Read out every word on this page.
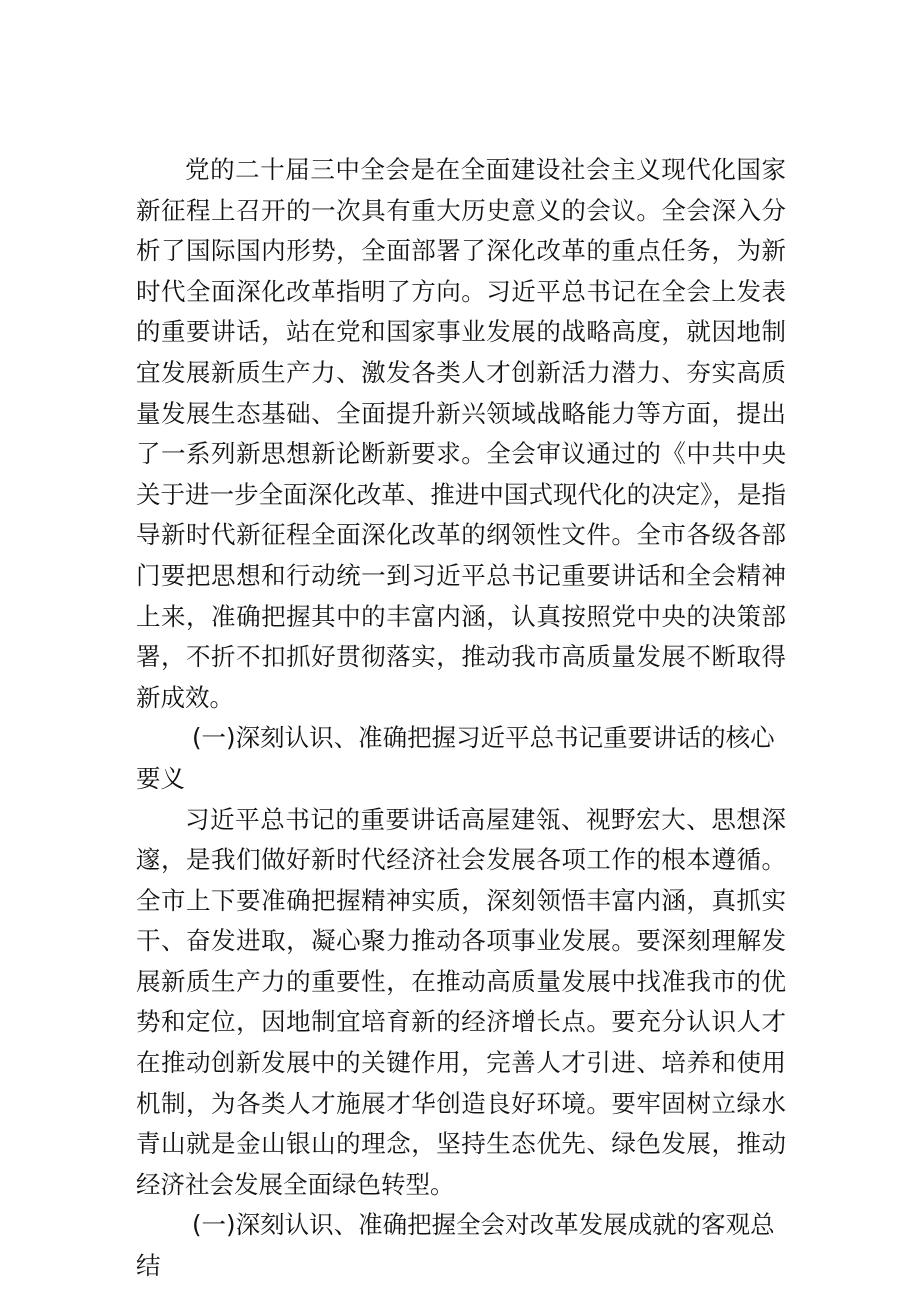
党的二十届三中全会是在全面建设社会主义现代化国家新征程上召开的一次具有重大历史意义的会议。全会深入分析了国际国内形势，全面部署了深化改革的重点任务，为新时代全面深化改革指明了方向。习近平总书记在全会上发表的重要讲话，站在党和国家事业发展的战略高度，就因地制宜发展新质生产力、激发各类人才创新活力潜力、夯实高质量发展生态基础、全面提升新兴领域战略能力等方面，提出了一系列新思想新论断新要求。全会审议通过的《中共中央关于进一步全面深化改革、推进中国式现代化的决定》，是指导新时代新征程全面深化改革的纲领性文件。全市各级各部门要把思想和行动统一到习近平总书记重要讲话和全会精神上来，准确把握其中的丰富内涵，认真按照党中央的决策部署，不折不扣抓好贯彻落实，推动我市高质量发展不断取得新成效。

(一)深刻认识、准确把握习近平总书记重要讲话的核心要义

习近平总书记的重要讲话高屋建瓴、视野宏大、思想深邃，是我们做好新时代经济社会发展各项工作的根本遵循。全市上下要准确把握精神实质，深刻领悟丰富内涵，真抓实干、奋发进取，凝心聚力推动各项事业发展。要深刻理解发展新质生产力的重要性，在推动高质量发展中找准我市的优势和定位，因地制宜培育新的经济增长点。要充分认识人才在推动创新发展中的关键作用，完善人才引进、培养和使用机制，为各类人才施展才华创造良好环境。要牢固树立绿水青山就是金山银山的理念，坚持生态优先、绿色发展，推动经济社会发展全面绿色转型。

(一)深刻认识、准确把握全会对改革发展成就的客观总结
